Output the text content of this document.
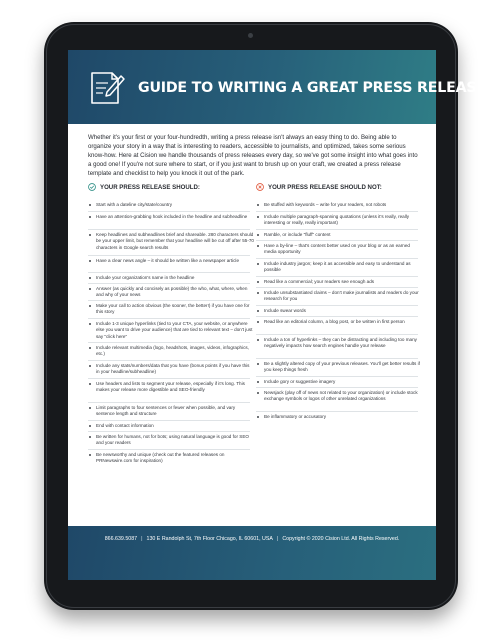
GUIDE TO WRITING A GREAT PRESS RELEASE

Whether it's your first or your four-hundredth, writing a press release isn't always an easy thing to do. Being able to organize your story in a way that is interesting to readers, accessible to journalists, and optimized, takes some serious know-how. Here at Cision we handle thousands of press releases every day, so we've got some insight into what goes into a good one! If you're not sure where to start, or if you just want to brush up on your craft, we created a press release template and checklist to help you knock it out of the park.

YOUR PRESS RELEASE SHOULD:
Start with a dateline city/state/country
Have an attention-grabbing hook included in the headline and subheadline
Keep headlines and subheadlines brief and shareable. 280 characters should be your upper limit, but remember that your headline will be cut off after 55-70 characters in Google search results
Have a clear news angle – it should be written like a newspaper article
Include your organization's name in the headline
Answer (as quickly and concisely as possible) the who, what, where, when and why of your news
Make your call to action obvious (the sooner, the better!) if you have one for this story
Include 1-3 unique hyperlinks (tied to your CTA, your website, or anywhere else you want to drive your audience) that are tied to relevant text – don't just say "click here"
Include relevant multimedia (logo, headshots, images, videos, infographics, etc.)
Include any stats/numbers/data that you have (bonus points if you have this in your headline/subheadline)
Use headers and lists to segment your release, especially if it's long. This makes your release more digestible and SEO-friendly
Limit paragraphs to four sentences or fewer when possible, and vary sentence length and structure
End with contact information
Be written for humans, not for bots; using natural language is good for SEO and your readers
Be newsworthy and unique (check out the featured releases on PRNewswire.com for inspiration)
YOUR PRESS RELEASE SHOULD NOT:
Be stuffed with keywords – write for your readers, not robots
Include multiple paragraph-spanning quotations (unless it's really, really interesting or really, really important)
Ramble, or include "fluff" content
Have a by-line – that's content better used on your blog or as an earned media opportunity
Include industry jargon; keep it as accessible and easy to understand as possible
Read like a commercial; your readers see enough ads
Include unsubstantiated claims – don't make journalists and readers do your research for you
Include swear words
Read like an editorial column, a blog post, or be written in first person
Include a ton of hyperlinks – they can be distracting and including too many negatively impacts how search engines handle your release
Be a slightly altered copy of your previous releases. You'll get better results if you keep things fresh
Include gory or suggestive imagery
Newsjack (play off of news not related to your organization) or include stock exchange symbols or logos of other unrelated organizations
Be inflammatory or accusatory
866.639.5087 | 130 E Randolph St, 7th Floor Chicago, IL 60601, USA | Copyright © 2020 Cision Ltd. All Rights Reserved.
